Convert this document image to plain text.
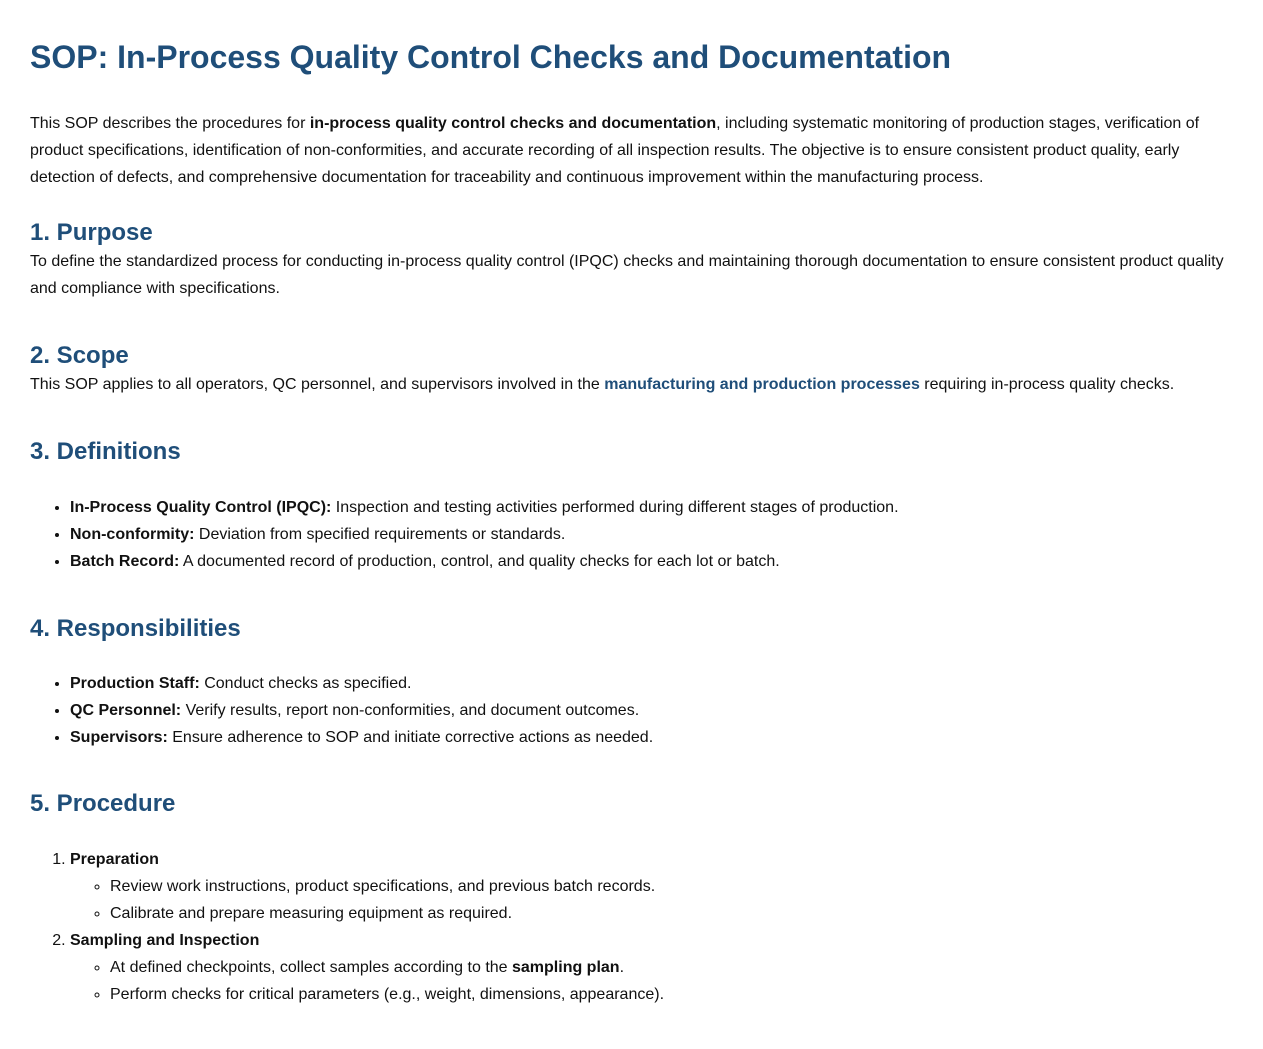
SOP: In-Process Quality Control Checks and Documentation

This SOP describes the procedures for in-process quality control checks and documentation, including systematic monitoring of production stages, verification of product specifications, identification of non-conformities, and accurate recording of all inspection results. The objective is to ensure consistent product quality, early detection of defects, and comprehensive documentation for traceability and continuous improvement within the manufacturing process.

1. Purpose

To define the standardized process for conducting in-process quality control (IPQC) checks and maintaining thorough documentation to ensure consistent product quality and compliance with specifications.

2. Scope

This SOP applies to all operators, QC personnel, and supervisors involved in the manufacturing and production processes requiring in-process quality checks.

3. Definitions
• In-Process Quality Control (IPQC): Inspection and testing activities performed during different stages of production.
• Non-conformity: Deviation from specified requirements or standards.
• Batch Record: A documented record of production, control, and quality checks for each lot or batch.
4. Responsibilities
• Production Staff: Conduct checks as specified.
• QC Personnel: Verify results, report non-conformities, and document outcomes.
• Supervisors: Ensure adherence to SOP and initiate corrective actions as needed.
5. Procedure
1. Preparation
◦ Review work instructions, product specifications, and previous batch records.
◦ Calibrate and prepare measuring equipment as required.
2. Sampling and Inspection
◦ At defined checkpoints, collect samples according to the sampling plan.
◦ Perform checks for critical parameters (e.g., weight, dimensions, appearance).
